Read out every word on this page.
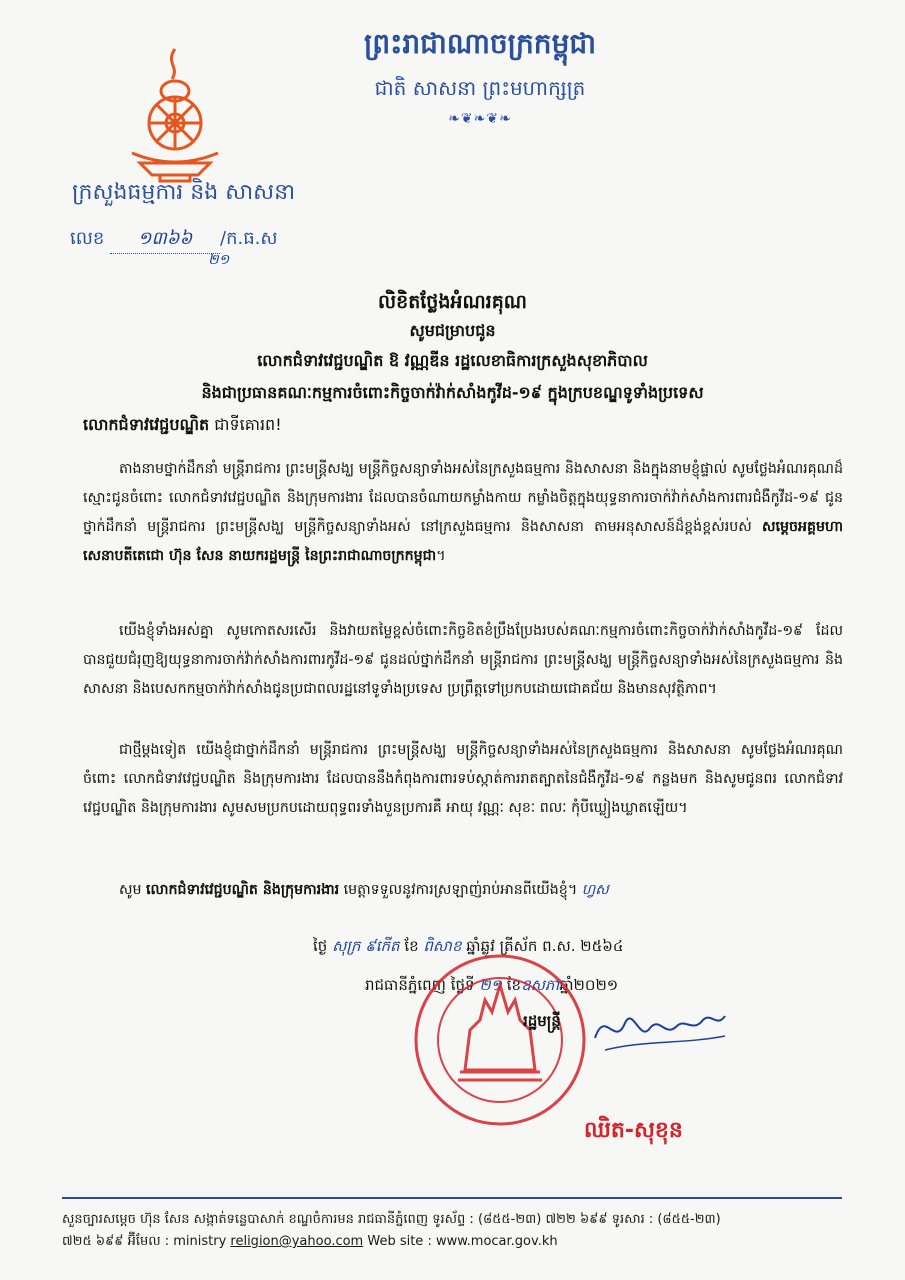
ក្រសួងធម្មការ និង សាសនា
លេខ ១៣៦៦ /ក.ធ.ស
២១
ព្រះរាជាណាចក្រកម្ពុជា
ជាតិ សាសនា ព្រះមហាក្សត្រ
❧❦❧❦❧
លិខិតថ្លែងអំណរគុណ
សូមជម្រាបជូន
លោកជំទាវវេជ្ជបណ្ឌិត ឱ វណ្ណឌីន រដ្ឋលេខាធិការក្រសួងសុខាភិបាល
និងជាប្រធានគណៈកម្មការចំពោះកិច្ចចាក់វ៉ាក់សាំងកូវីដ-១៩ ក្នុងក្របខណ្ឌទូទាំងប្រទេស
លោកជំទាវវេជ្ជបណ្ឌិត ជាទីគោរព!
តាងនាមថ្នាក់ដឹកនាំ មន្ត្រីរាជការ ព្រះមន្ត្រីសង្ឃ មន្ត្រីកិច្ចសន្យាទាំងអស់នៃក្រសួងធម្មការ និងសាសនា និងក្នុងនាមខ្ញុំផ្ទាល់ សូមថ្លែងអំណរគុណដ៏ស្មោះជូនចំពោះ លោកជំទាវវេជ្ជបណ្ឌិត និងក្រុមការងារ ដែលបានចំណាយកម្លាំងកាយ កម្លាំងចិត្តក្នុងយុទ្ធនាការចាក់វ៉ាក់សាំងការពារជំងឺកូវីដ-១៩ ជូនថ្នាក់ដឹកនាំ មន្ត្រីរាជការ ព្រះមន្ត្រីសង្ឃ មន្ត្រីកិច្ចសន្យាទាំងអស់ នៅក្រសួងធម្មការ និងសាសនា តាមអនុសាសន៍ដ៏ខ្ពង់ខ្ពស់របស់ សម្តេចអគ្គមហាសេនាបតីតេជោ ហ៊ុន សែន នាយករដ្ឋមន្ត្រី នៃព្រះរាជាណាចក្រកម្ពុជា។
យើងខ្ញុំទាំងអស់គ្នា សូមកោតសរសើរ និងវាយតម្លៃខ្ពស់ចំពោះកិច្ចខិតខំប្រឹងប្រែងរបស់គណៈកម្មការចំពោះកិច្ចចាក់វ៉ាក់សាំងកូវីដ-១៩ ដែលបានជួយជំរុញឱ្យយុទ្ធនាការចាក់វ៉ាក់សាំងការពារកូវីដ-១៩ ជូនដល់ថ្នាក់ដឹកនាំ មន្ត្រីរាជការ ព្រះមន្ត្រីសង្ឃ មន្ត្រីកិច្ចសន្យាទាំងអស់នៃក្រសួងធម្មការ និងសាសនា និងបេសកកម្មចាក់វ៉ាក់សាំងជូនប្រជាពលរដ្ឋនៅទូទាំងប្រទេស ប្រព្រឹត្តទៅប្រកបដោយជោគជ័យ និងមានសុវត្ថិភាព។
ជាថ្មីម្តងទៀត យើងខ្ញុំជាថ្នាក់ដឹកនាំ មន្ត្រីរាជការ ព្រះមន្ត្រីសង្ឃ មន្ត្រីកិច្ចសន្យាទាំងអស់នៃក្រសួងធម្មការ និងសាសនា សូមថ្លែងអំណរគុណចំពោះ លោកជំទាវវេជ្ជបណ្ឌិត និងក្រុមការងារ ដែលបាននឹងកំពុងការពារទប់ស្កាត់ការរាតត្បាតនៃជំងឺកូវីដ-១៩ កន្លងមក និងសូមជូនពរ លោកជំទាវវេជ្ជបណ្ឌិត និងក្រុមការងារ សូមសមប្រកបដោយពុទ្ធពរទាំងបួនប្រការគឺ អាយុ វណ្ណៈ សុខៈ ពលៈ កុំបីឃ្លៀងឃ្លាតឡើយ។
សូម លោកជំទាវវេជ្ជបណ្ឌិត និងក្រុមការងារ មេត្តាទទួលនូវការស្រឡាញ់រាប់អានពីយើងខ្ញុំ។ ហ្វស
ថ្ងៃ សុក្រ ៩កើត ខែ ពិសាខ ឆ្នាំឆ្លូវ ត្រីស័ក ព.ស. ២៥៦៤
រាជធានីភ្នំពេញ ថ្ងៃទី ២១ ខែឧសភាឆ្នាំ២០២១
រដ្ឋមន្ត្រី
ឈិត-សុខុន
សួនច្បារសម្តេច ហ៊ុន សែន សង្កាត់ទន្លេបាសាក់ ខណ្ឌចំការមន រាជធានីភ្នំពេញ ទូរស័ព្ទ : (៨៥៥-២៣) ៧២២ ៦៩៩ ទូរសារ : (៨៥៥-២៣)
៧២៥ ៦៩៩ អ៊ីមែល : ministry religion@yahoo.com Web site : www.mocar.gov.kh
